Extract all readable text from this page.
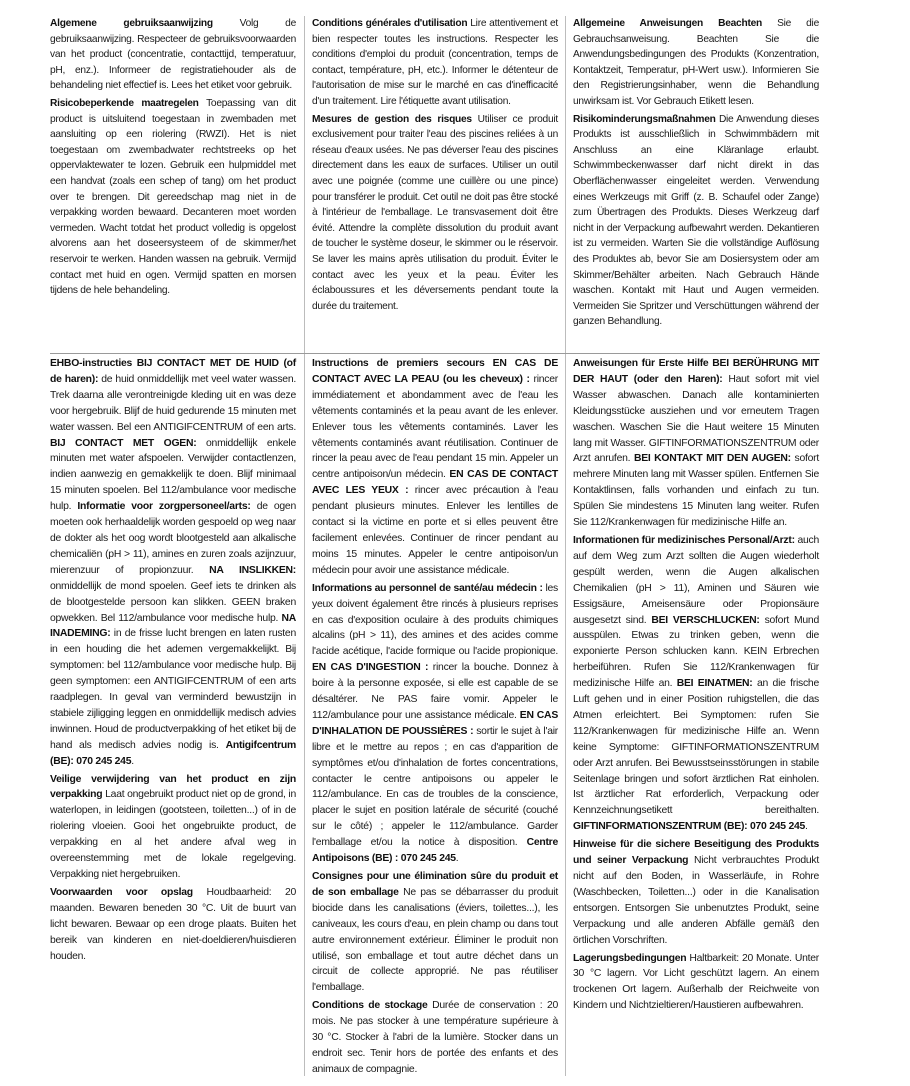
Algemene gebruiksaanwijzing	Volg de gebruiksaanwijzing. Respecteer de gebruiksvoorwaarden van het product (concentratie, contacttijd, temperatuur, pH, enz.). Informeer de registratiehouder als de behandeling niet effectief is. Lees het etiket voor gebruik.

Risicobeperkende maatregelen Toepassing van dit product is uitsluitend toegestaan in zwembaden met aansluiting op een riolering (RWZI). Het is niet toegestaan om zwembadwater rechtstreeks op het oppervlaktewater te lozen. Gebruik een hulpmiddel met een handvat (zoals een schep of tang) om het product over te brengen. Dit gereedschap mag niet in de verpakking worden bewaard. Decanteren moet worden vermeden. Wacht totdat het product volledig is opgelost alvorens aan het doseersysteem of de skimmer/het reservoir te werken. Handen wassen na gebruik. Vermijd contact met huid en ogen. Vermijd spatten en morsen tijdens de hele behandeling.

Conditions générales d'utilisation Lire attentivement et bien respecter toutes les instructions. Respecter les conditions d'emploi du produit (concentration, temps de contact, température, pH, etc.). Informer le détenteur de l'autorisation de mise sur le marché en cas d'inefficacité d'un traitement. Lire l'étiquette avant utilisation.

Mesures de gestion des risques Utiliser ce produit exclusivement pour traiter l'eau des piscines reliées à un réseau d'eaux usées. Ne pas déverser l'eau des piscines directement dans les eaux de surfaces. Utiliser un outil avec une poignée (comme une cuillère ou une pince) pour transférer le produit. Cet outil ne doit pas être stocké à l'intérieur de l'emballage. Le transvasement doit être évité. Attendre la complète dissolution du produit avant de toucher le système doseur, le skimmer ou le réservoir. Se laver les mains après utilisation du produit. Éviter le contact avec les yeux et la peau. Éviter les éclaboussures et les déversements pendant toute la durée du traitement.

Allgemeine Anweisungen Beachten Sie die Gebrauchsanweisung. Beachten Sie die Anwendungsbedingungen des Produkts (Konzentration, Kontaktzeit, Temperatur, pH-Wert usw.). Informieren Sie den Registrierungsinhaber, wenn die Behandlung unwirksam ist. Vor Gebrauch Etikett lesen.

Risikominderungsmaßnahmen Die Anwendung dieses Produkts ist ausschließlich in Schwimmbädern mit Anschluss an eine Kläranlage erlaubt. Schwimmbeckenwasser darf nicht direkt in das Oberflächenwasser eingeleitet werden. Verwendung eines Werkzeugs mit Griff (z. B. Schaufel oder Zange) zum Übertragen des Produkts. Dieses Werkzeug darf nicht in der Verpackung aufbewahrt werden. Dekantieren ist zu vermeiden. Warten Sie die vollständige Auflösung des Produktes ab, bevor Sie am Dosiersystem oder am Skimmer/Behälter arbeiten. Nach Gebrauch Hände waschen. Kontakt mit Haut und Augen vermeiden. Vermeiden Sie Spritzer und Verschüttungen während der ganzen Behandlung.

EHBO-instructies BIJ CONTACT MET DE HUID (of de haren): de huid onmiddellijk met veel water wassen. Trek daarna alle verontreinigde kleding uit en was deze voor hergebruik. Blijf de huid gedurende 15 minuten met water wassen. Bel een ANTIGIFCENTRUM of een arts. BIJ CONTACT MET OGEN: onmiddellijk enkele minuten met water afspoelen. Verwijder contactlenzen, indien aanwezig en gemakkelijk te doen. Blijf minimaal 15 minuten spoelen. Bel 112/ambulance voor medische hulp. Informatie voor zorgpersoneel/arts: de ogen moeten ook herhaaldelijk worden gespoeld op weg naar de dokter als het oog wordt blootgesteld aan alkalische chemicaliën (pH > 11), amines en zuren zoals azijnzuur, mierenzuur of propionzuur. NA INSLIKKEN: onmiddellijk de mond spoelen. Geef iets te drinken als de blootgestelde persoon kan slikken. GEEN braken opwekken. Bel 112/ambulance voor medische hulp. NA INADEMING: in de frisse lucht brengen en laten rusten in een houding die het ademen vergemakkelijkt. Bij symptomen: bel 112/ambulance voor medische hulp. Bij geen symptomen: een ANTIGIFCENTRUM of een arts raadplegen. In geval van verminderd bewustzijn in stabiele zijligging leggen en onmiddellijk medisch advies inwinnen. Houd de productverpakking of het etiket bij de hand als medisch advies nodig is. Antigifcentrum (BE): 070 245 245.

Veilige verwijdering van het product en zijn verpakking Laat ongebruikt product niet op de grond, in waterlopen, in leidingen (gootsteen, toiletten...) of in de riolering vloeien. Gooi het ongebruikte product, de verpakking en al het andere afval weg in overeenstemming met de lokale regelgeving. Verpakking niet hergebruiken.

Voorwaarden voor opslag Houdbaarheid: 20 maanden. Bewaren beneden 30 °C. Uit de buurt van licht bewaren. Bewaar op een droge plaats. Buiten het bereik van kinderen en niet-doeldieren/huisdieren houden.

Instructions de premiers secours EN CAS DE CONTACT AVEC LA PEAU (ou les cheveux) : rincer immédiatement et abondamment avec de l'eau les vêtements contaminés et la peau avant de les enlever. Enlever tous les vêtements contaminés. Laver les vêtements contaminés avant réutilisation. Continuer de rincer la peau avec de l'eau pendant 15 min. Appeler un centre antipoison/un médecin. EN CAS DE CONTACT AVEC LES YEUX : rincer avec précaution à l'eau pendant plusieurs minutes. Enlever les lentilles de contact si la victime en porte et si elles peuvent être facilement enlevées. Continuer de rincer pendant au moins 15 minutes. Appeler le centre antipoison/un médecin pour avoir une assistance médicale.

Informations au personnel de santé/au médecin : les yeux doivent également être rincés à plusieurs reprises en cas d'exposition oculaire à des produits chimiques alcalins (pH > 11), des amines et des acides comme l'acide acétique, l'acide formique ou l'acide propionique. EN CAS D'INGESTION : rincer la bouche. Donnez à boire à la personne exposée, si elle est capable de se désaltérer. Ne PAS faire vomir. Appeler le 112/ambulance pour une assistance médicale. EN CAS D'INHALATION DE POUSSIÈRES : sortir le sujet à l'air libre et le mettre au repos ; en cas d'apparition de symptômes et/ou d'inhalation de fortes concentrations, contacter le centre antipoisons ou appeler le 112/ambulance. En cas de troubles de la conscience, placer le sujet en position latérale de sécurité (couché sur le côté) ; appeler le 112/ambulance. Garder l'emballage et/ou la notice à disposition. Centre Antipoisons (BE) : 070 245 245.

Consignes pour une élimination sûre du produit et de son emballage Ne pas se débarrasser du produit biocide dans les canalisations (éviers, toilettes...), les caniveaux, les cours d'eau, en plein champ ou dans tout autre environnement extérieur. Éliminer le produit non utilisé, son emballage et tout autre déchet dans un circuit de collecte approprié. Ne pas réutiliser l'emballage.

Conditions de stockage Durée de conservation : 20 mois. Ne pas stocker à une température supérieure à 30 °C. Stocker à l'abri de la lumière. Stocker dans un endroit sec. Tenir hors de portée des enfants et des animaux de compagnie.

Anweisungen für Erste Hilfe BEI BERÜHRUNG MIT DER HAUT (oder den Haren): Haut sofort mit viel Wasser abwaschen. Danach alle kontaminierten Kleidungsstücke ausziehen und vor erneutem Tragen waschen. Waschen Sie die Haut weitere 15 Minuten lang mit Wasser. GIFTINFORMATIONSZENTRUM oder Arzt anrufen. BEI KONTAKT MIT DEN AUGEN: sofort mehrere Minuten lang mit Wasser spülen. Entfernen Sie Kontaktlinsen, falls vorhanden und einfach zu tun. Spülen Sie mindestens 15 Minuten lang weiter. Rufen Sie 112/Krankenwagen für medizinische Hilfe an.

Informationen für medizinisches Personal/Arzt: auch auf dem Weg zum Arzt sollten die Augen wiederholt gespült werden, wenn die Augen alkalischen Chemikalien (pH > 11), Aminen und Säuren wie Essigsäure, Ameisensäure oder Propionsäure ausgesetzt sind. BEI VERSCHLUCKEN: sofort Mund ausspülen. Etwas zu trinken geben, wenn die exponierte Person schlucken kann. KEIN Erbrechen herbeiführen. Rufen Sie 112/Krankenwagen für medizinische Hilfe an. BEI EINATMEN: an die frische Luft gehen und in einer Position ruhigstellen, die das Atmen erleichtert. Bei Symptomen: rufen Sie 112/Krankenwagen für medizinische Hilfe an. Wenn keine Symptome: GIFTINFORMATIONSZENTRUM oder Arzt anrufen. Bei Bewusstseinsstörungen in stabile Seitenlage bringen und sofort ärztlichen Rat einholen. Ist ärztlicher Rat erforderlich, Verpackung oder Kennzeichnungsetikett bereithalten. GIFTINFORMATIONSZENTRUM (BE): 070 245 245.

Hinweise für die sichere Beseitigung des Produkts und seiner Verpackung Nicht verbrauchtes Produkt nicht auf den Boden, in Wasserläufe, in Rohre (Waschbecken, Toiletten...) oder in die Kanalisation entsorgen. Entsorgen Sie unbenutztes Produkt, seine Verpackung und alle anderen Abfälle gemäß den örtlichen Vorschriften.

Lagerungsbedingungen Haltbarkeit: 20 Monate. Unter 30 °C lagern. Vor Licht geschützt lagern. An einem trockenen Ort lagern. Außerhalb der Reichweite von Kindern und Nichtzieltieren/Haustieren aufbewahren.
